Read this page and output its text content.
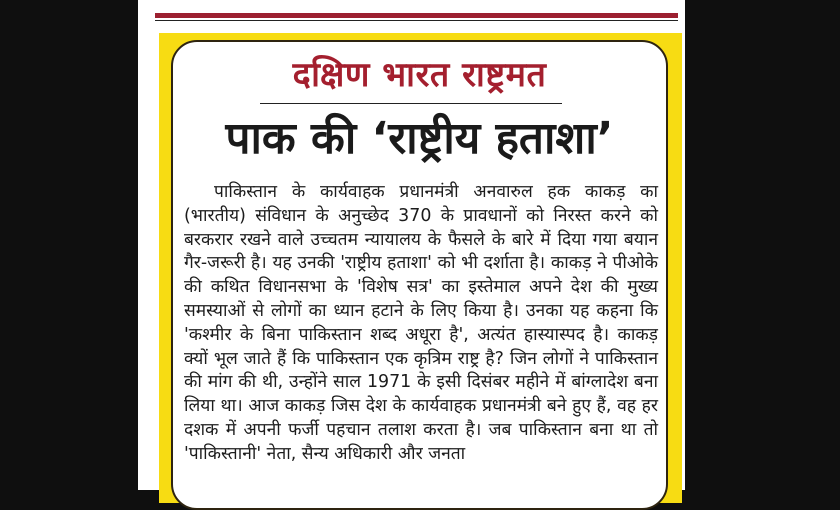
दक्षिण भारत राष्ट्रमत
पाक की ‘राष्ट्रीय हताशा’

पाकिस्तान के कार्यवाहक प्रधानमंत्री अनवारुल हक काकड़ का (भारतीय) संविधान के अनुच्छेद 370 के प्रावधानों को निरस्त करने को बरकरार रखने वाले उच्चतम न्यायालय के फैसले के बारे में दिया गया बयान गैर-जरूरी है। यह उनकी 'राष्ट्रीय हताशा' को भी दर्शाता है। काकड़ ने पीओके की कथित विधानसभा के 'विशेष सत्र' का इस्तेमाल अपने देश की मुख्य समस्याओं से लोगों का ध्यान हटाने के लिए किया है। उनका यह कहना कि 'कश्मीर के बिना पाकिस्तान शब्द अधूरा है', अत्यंत हास्यास्पद है। काकड़ क्यों भूल जाते हैं कि पाकिस्तान एक कृत्रिम राष्ट्र है? जिन लोगों ने पाकिस्तान की मांग की थी, उन्होंने साल 1971 के इसी दिसंबर महीने में बांग्लादेश बना लिया था। आज काकड़ जिस देश के कार्यवाहक प्रधानमंत्री बने हुए हैं, वह हर दशक में अपनी फर्जी पहचान तलाश करता है। जब पाकिस्तान बना था तो 'पाकिस्तानी' नेता, सैन्य अधिकारी और जनता
